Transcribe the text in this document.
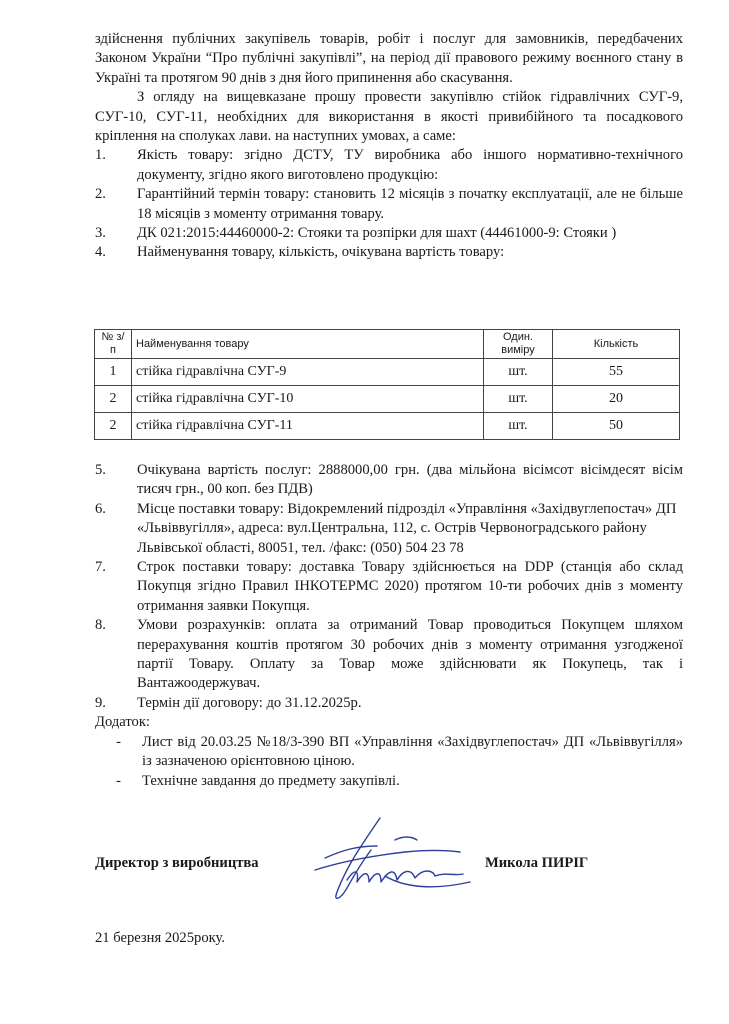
здійснення публічних закупівель товарів, робіт і послуг для замовників, передбачених Законом України “Про публічні закупівлі”, на період дії правового режиму воєнного стану в Україні та протягом 90 днів з дня його припинення або скасування.

З огляду на вищевказане прошу провести закупівлю стійок гідравлічних СУГ-9, СУГ-10, СУГ-11, необхідних для використання в якості привибійного та посадкового кріплення на сполуках лави. на наступних умовах, а саме:

1.	Якість товару: згідно ДСТУ, ТУ виробника або іншого нормативно-технічного документу, згідно якого виготовлено продукцію:
2.	Гарантійний термін товару: становить 12 місяців з початку експлуатації, але не більше 18 місяців з моменту отримання товару.
3.	ДК 021:2015:44460000-2: Стояки та розпірки для шахт (44461000-9: Стояки )
4.	Найменування товару, кількість, очікувана вартість товару:
№ з/п	Найменування товару	Один. виміру	Кількість
1	стійка гідравлічна СУГ-9	шт.	55
2	стійка гідравлічна СУГ-10	шт.	20
2	стійка гідравлічна СУГ-11	шт.	50
5.	Очікувана вартість послуг: 2888000,00 грн. (два мільйона вісімсот вісімдесят вісім тисяч грн., 00 коп. без ПДВ)
6.	Місце поставки товару: Відокремлений підрозділ «Управління «Західвуглепостач» ДП «Львіввугілля», адреса: вул.Центральна, 112, с. Острів Червоноградського району Львівської області, 80051, тел. /факс: (050) 504 23 78
7.	Строк поставки товару: доставка Товару здійснюється на DDP (станція або склад Покупця згідно Правил ІНКОТЕРМС 2020) протягом 10-ти робочих днів з моменту отримання заявки Покупця.
8.	Умови розрахунків: оплата за отриманий Товар проводиться Покупцем шляхом перерахування коштів протягом 30 робочих днів з моменту отримання узгодженої партії Товару. Оплату за Товар може здійснювати як Покупець, так і Вантажоодержувач.
9.	Термін дії договору: до 31.12.2025р.
Додаток:
-	Лист від 20.03.25 №18/3-390 ВП «Управління «Західвуглепостач» ДП «Львіввугілля» із зазначеною орієнтовною ціною.
-	Технічне завдання до предмету закупівлі.
Директор з виробництва	Микола ПИРІГ
21 березня 2025року.
